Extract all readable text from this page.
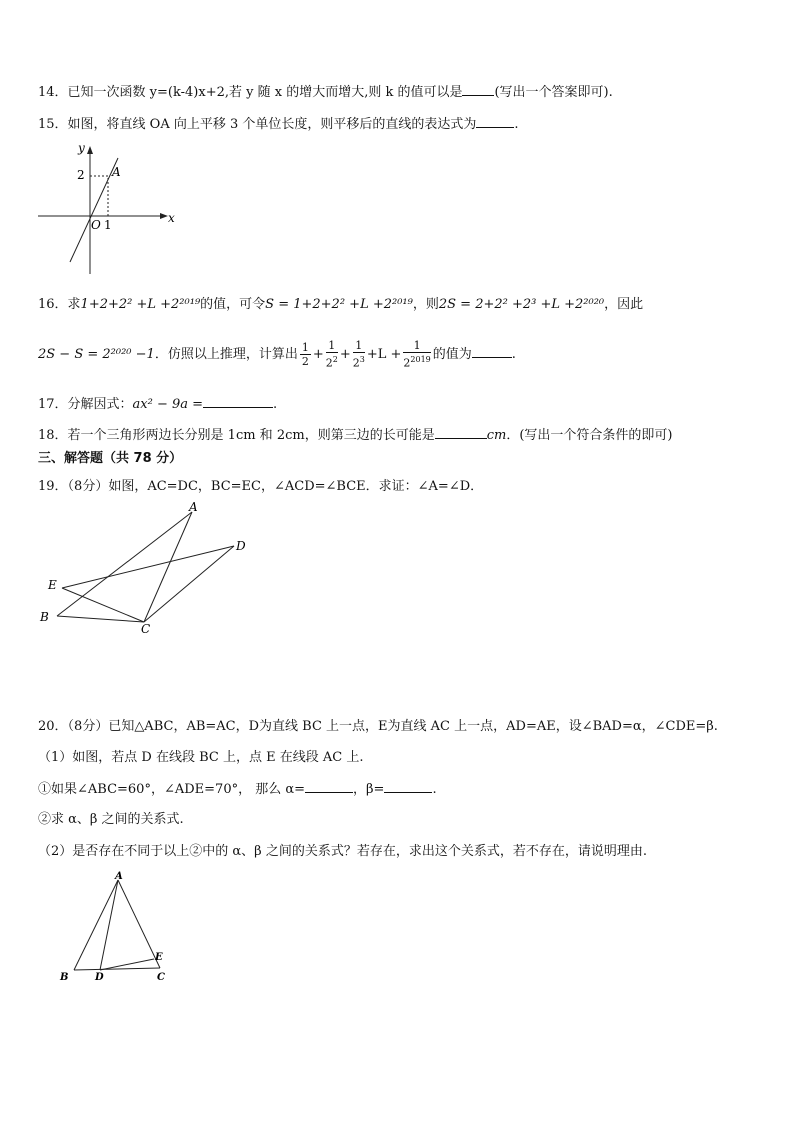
14．已知一次函数 y=(k-4)x+2,若 y 随 x 的增大而增大,则 k 的值可以是 (写出一个答案即可).
15．如图，将直线 OA 向上平移 3 个单位长度，则平移后的直线的表达式为	.
y
x
O 1
2 A
16．求1+2+2² +L +2²⁰¹⁹的值，可令S = 1+2+2² +L +2²⁰¹⁹，则2S = 2+2² +2³ +L +2²⁰²⁰，因此
2S − S = 2²⁰²⁰ −1．仿照以上推理，计算出 $\frac{1}{2} + \frac{1}{2^2} + \frac{1}{2^3} +L + \frac{1}{2^{2019}}$ 的值为	.
17．分解因式：ax² − 9a =	.
18．若一个三角形两边长分别是 1cm 和 2cm，则第三边的长可能是	cm．(写出一个符合条件的即可)
三、解答题（共 78 分）
19．（8分）如图，AC=DC，BC=EC，∠ACD=∠BCE．求证：∠A=∠D．
A
D
E
B
C
20．（8分）已知△ABC，AB=AC，D为直线 BC 上一点，E为直线 AC 上一点，AD=AE，设∠BAD=α，∠CDE=β.
（1）如图，若点 D 在线段 BC 上，点 E 在线段 AC 上.
①如果∠ABC=60°，∠ADE=70°， 那么 α=	，β=	.
②求 α、β 之间的关系式.
（2）是否存在不同于以上②中的 α、β 之间的关系式？若存在，求出这个关系式，若不存在，请说明理由.
A
B	D
E
C
